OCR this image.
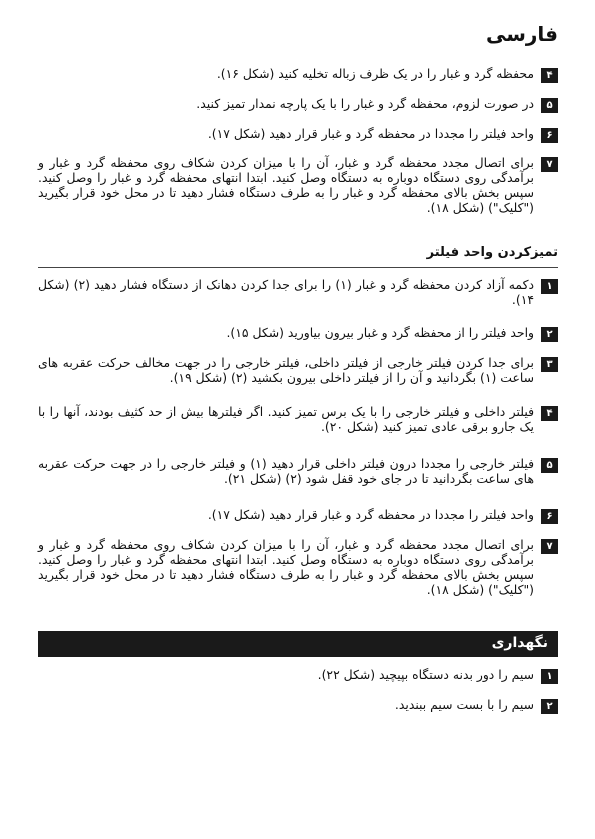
فارسی
۴
محفظه گرد و غبار را در یک ظرف زباله تخلیه کنید (شکل ۱۶).
۵
در صورت لزوم، محفظه گرد و غبار را با یک پارچه نمدار تمیز کنید.
۶
واحد فیلتر را مجددا در محفظه گرد و غبار قرار دهید (شکل ۱۷).
۷
برای اتصال مجدد محفظه گرد و غبار، آن را با میزان کردن شکاف روی محفظه گرد و غبار و برآمدگی روی دستگاه دوباره به دستگاه وصل کنید. ابتدا انتهای محفظه گرد و غبار را وصل کنید. سپس بخش بالای محفظه گرد و غبار را به طرف دستگاه فشار دهید تا در محل خود قرار بگیرید ("کلیک") (شکل ۱۸).
تمیزکردن واحد فیلتر
۱
دکمه آزاد کردن محفظه گرد و غبار (۱) را برای جدا کردن دهانک از دستگاه فشار دهید (۲) (شکل ۱۴).
۲
واحد فیلتر را از محفظه گرد و غبار بیرون بیاورید (شکل ۱۵).
۳
برای جدا کردن فیلتر خارجی از فیلتر داخلی، فیلتر خارجی را در جهت مخالف حرکت عقربه های ساعت (۱) بگردانید و آن را از فیلتر داخلی بیرون بکشید (۲) (شکل ۱۹).
۴
فیلتر داخلی و فیلتر خارجی را با یک برس تمیز کنید. اگر فیلترها بیش از حد کثیف بودند، آنها را با یک جارو برقی عادی تمیز کنید (شکل ۲۰).
۵
فیلتر خارجی را مجددا درون فیلتر داخلی قرار دهید (۱) و فیلتر خارجی را در جهت حرکت عقربه های ساعت بگردانید تا در جای خود قفل شود (۲) (شکل ۲۱).
۶
واحد فیلتر را مجددا در محفظه گرد و غبار قرار دهید (شکل ۱۷).
۷
برای اتصال مجدد محفظه گرد و غبار، آن را با میزان کردن شکاف روی محفظه گرد و غبار و برآمدگی روی دستگاه دوباره به دستگاه وصل کنید. ابتدا انتهای محفظه گرد و غبار را وصل کنید. سپس بخش بالای محفظه گرد و غبار را به طرف دستگاه فشار دهید تا در محل خود قرار بگیرید ("کلیک") (شکل ۱۸).
نگهداری
۱
سیم را دور بدنه دستگاه بپیچید (شکل ۲۲).
۲
سیم را با بست سیم ببندید.
